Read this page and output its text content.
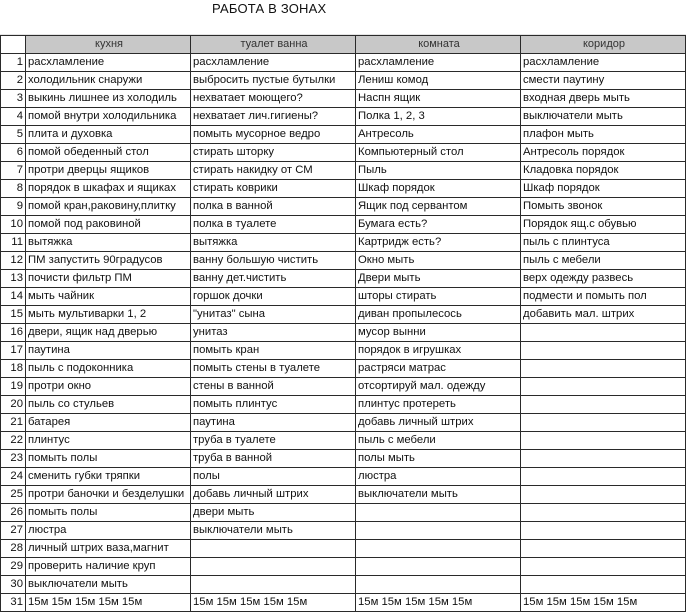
РАБОТА В ЗОНАХ
	кухня	туалет ванна	комната	коридор
1	расхламление	расхламление	расхламление	расхламление
2	холодильник снаружи	выбросить пустые бутылки	Лениш комод	смести паутину
3	выкинь лишнее из холодиль	нехватает моющего?	Наспн ящик	входная дверь мыть
4	помой внутри холодильника	нехватает лич.гигиены?	Полка 1, 2, 3	выключатели мыть
5	плита и духовка	помыть мусорное ведро	Антресоль	плафон мыть
6	помой обеденный стол	стирать шторку	Компьютерный стол	Антресоль порядок
7	протри дверцы ящиков	стирать накидку от СМ	Пыль	Кладовка порядок
8	порядок в шкафах и ящиках	стирать коврики	Шкаф порядок	Шкаф порядок
9	помой кран,раковину,плитку	полка в ванной	Ящик под сервантом	Помыть звонок
10	помой под раковиной	полка в туалете	Бумага есть?	Порядок ящ.с обувью
11	вытяжка	вытяжка	Картридж есть?	пыль с плинтуса
12	ПМ запустить 90градусов	ванну большую чистить	Окно мыть	пыль с мебели
13	почисти фильтр ПМ	ванну дет.чистить	Двери мыть	верх одежду развесь
14	мыть чайник	горшок дочки	шторы стирать	подмести и помыть пол
15	мыть мультиварки 1, 2	"унитаз" сына	диван пропылесось	добавить мал. штрих
16	двери, ящик над дверью	унитаз	мусор вынни	
17	паутина	помыть кран	порядок в игрушках	
18	пыль с подоконника	помыть стены в туалете	растряси матрас	
19	протри окно	стены в ванной	отсортируй мал. одежду	
20	пыль со стульев	помыть плинтус	плинтус протереть	
21	батарея	паутина	добавь личный штрих	
22	плинтус	труба в туалете	пыль с мебели	
23	помыть полы	труба в ванной	полы мыть	
24	сменить губки тряпки	полы	люстра	
25	протри баночки и безделушки	добавь личный штрих	выключатели мыть	
26	помыть полы	двери мыть		
27	люстра	выключатели мыть		
28	личный штрих ваза,магнит			
29	проверить наличие круп			
30	выключатели мыть			
31	15м 15м 15м 15м 15м	15м 15м 15м 15м 15м	15м 15м 15м 15м 15м	15м 15м 15м 15м 15м
